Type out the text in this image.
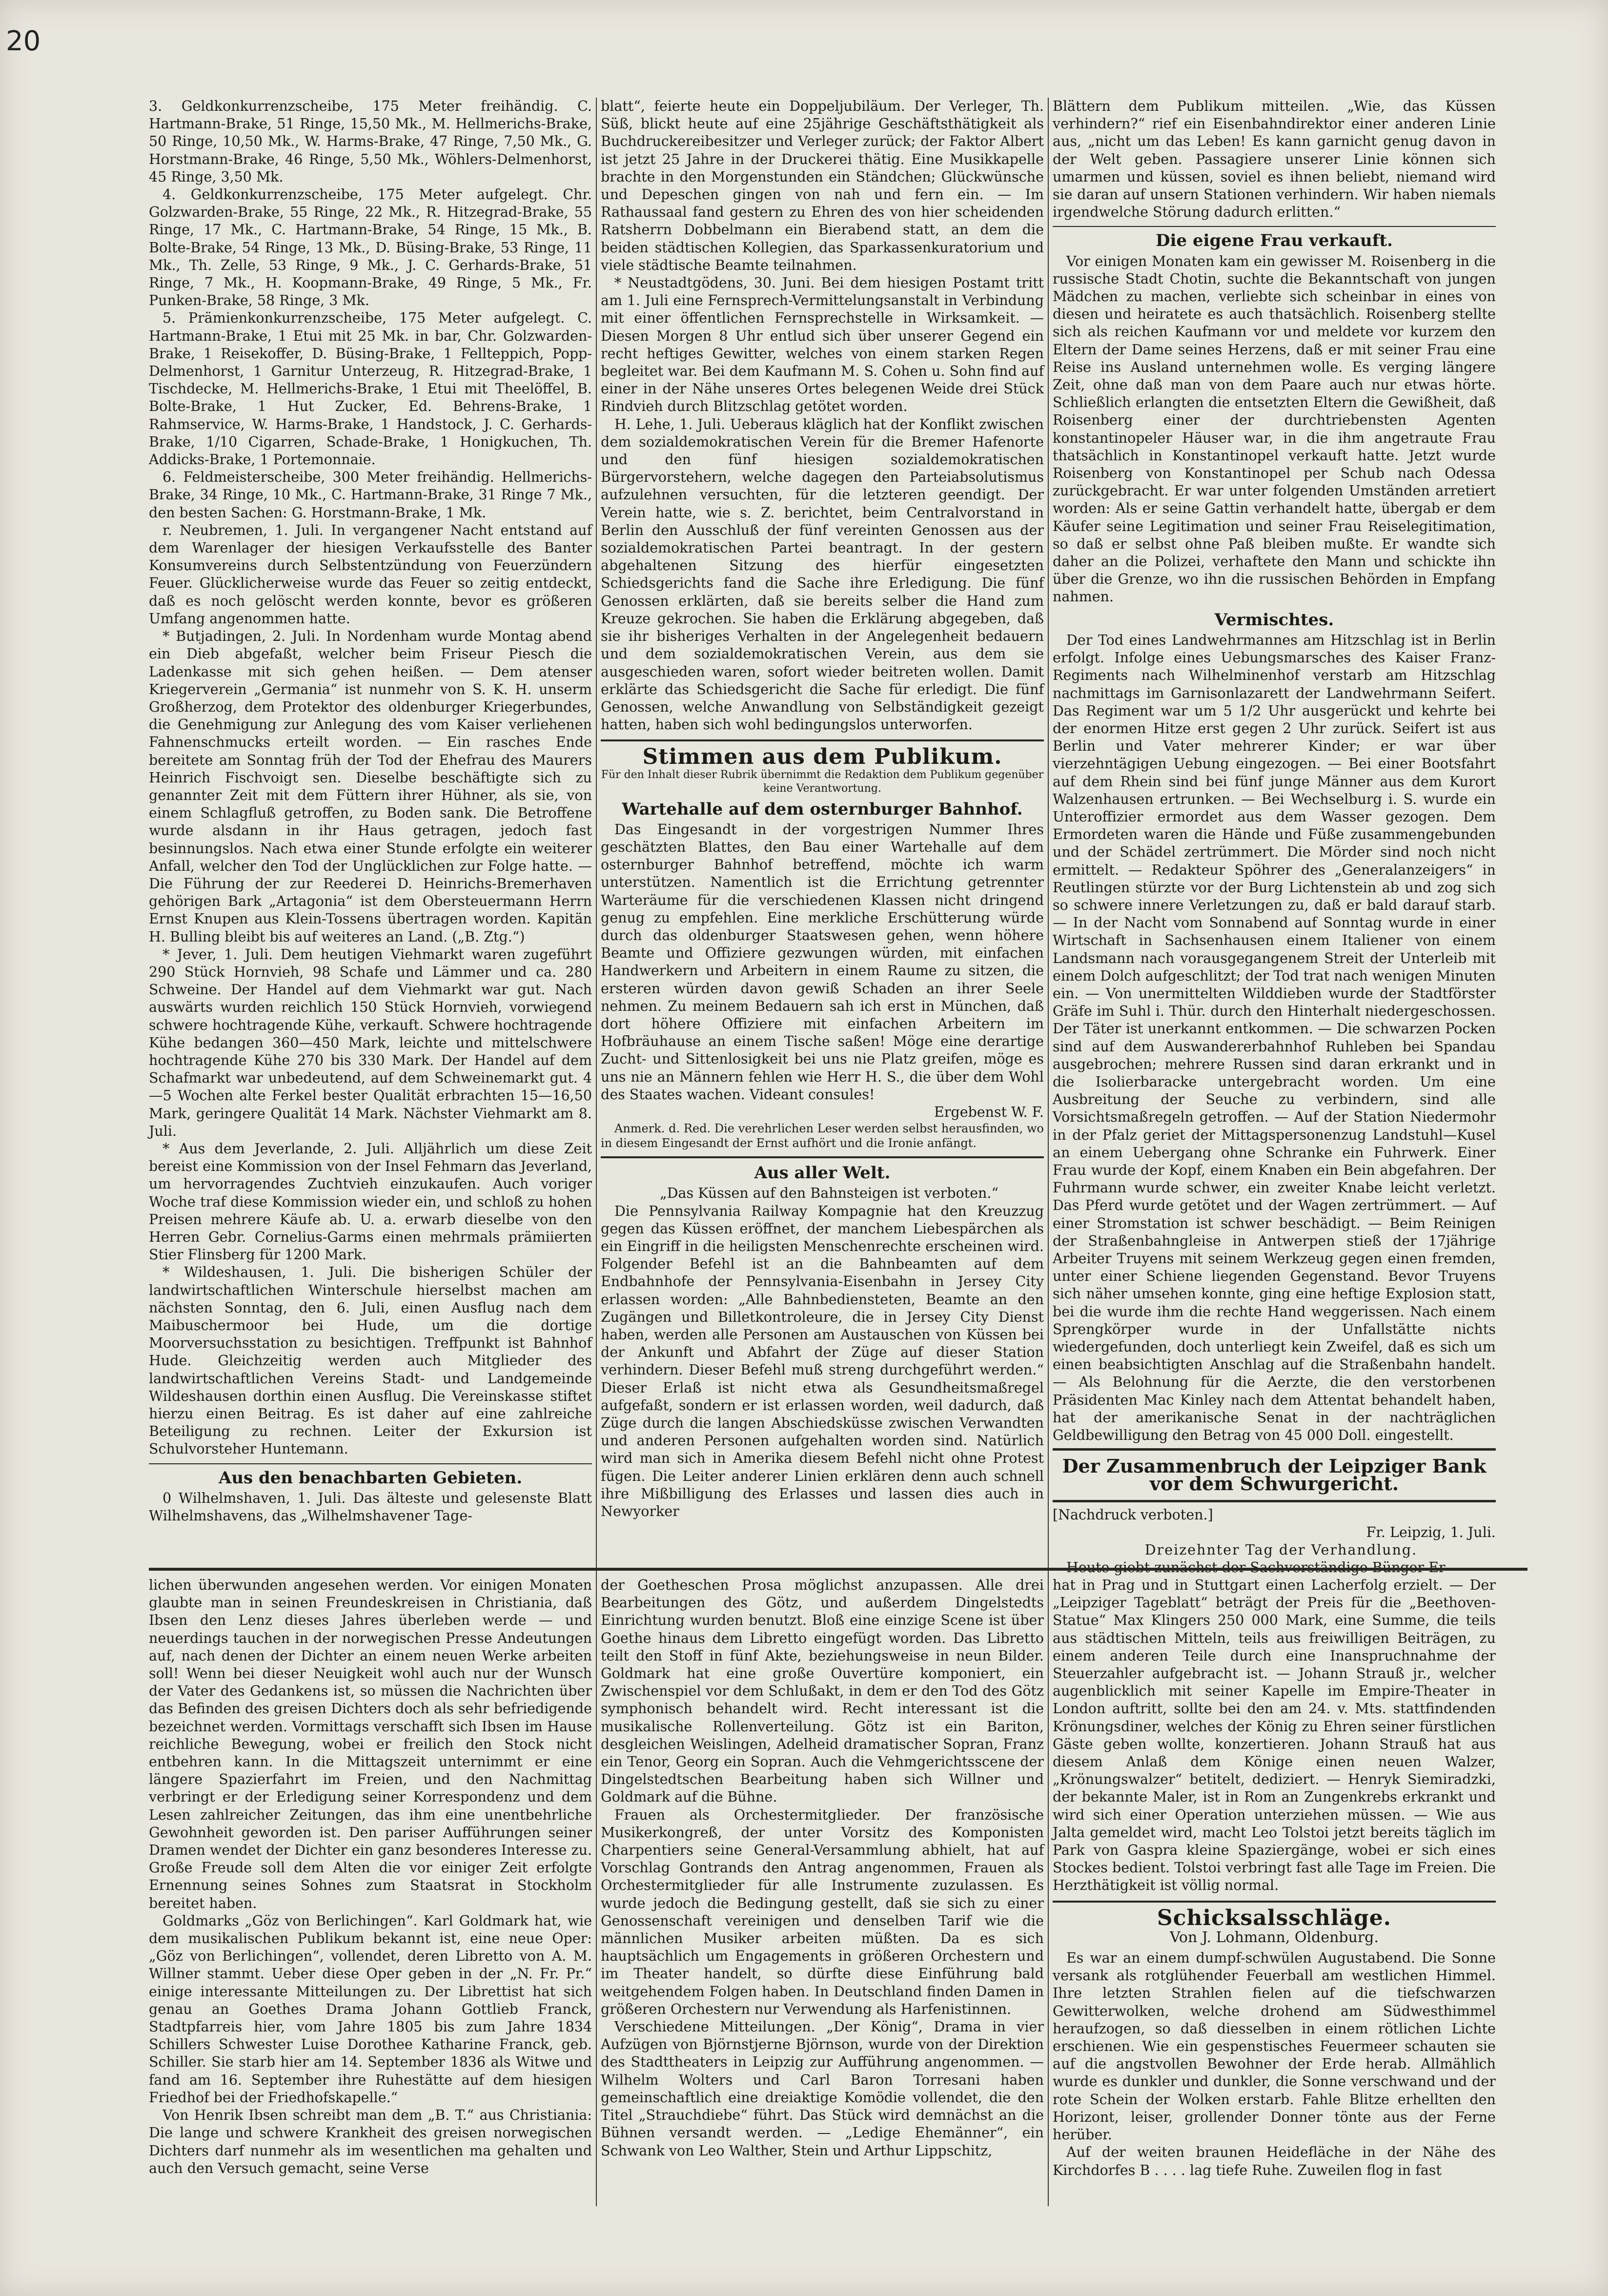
20

3. Geldkonkurrenzscheibe, 175 Meter freihändig. C. Hartmann-Brake, 51 Ringe, 15,50 Mk., M. Hellmerichs-Brake, 50 Ringe, 10,50 Mk., W. Harms-Brake, 47 Ringe, 7,50 Mk., G. Horstmann-Brake, 46 Ringe, 5,50 Mk., Wöhlers-Delmenhorst, 45 Ringe, 3,50 Mk.

4. Geldkonkurrenzscheibe, 175 Meter aufgelegt. Chr. Golzwarden-Brake, 55 Ringe, 22 Mk., R. Hitzegrad-Brake, 55 Ringe, 17 Mk., C. Hartmann-Brake, 54 Ringe, 15 Mk., B. Bolte-Brake, 54 Ringe, 13 Mk., D. Büsing-Brake, 53 Ringe, 11 Mk., Th. Zelle, 53 Ringe, 9 Mk., J. C. Gerhards-Brake, 51 Ringe, 7 Mk., H. Koopmann-Brake, 49 Ringe, 5 Mk., Fr. Punken-Brake, 58 Ringe, 3 Mk.

5. Prämienkonkurrenzscheibe, 175 Meter aufgelegt. C. Hartmann-Brake, 1 Etui mit 25 Mk. in bar, Chr. Golzwarden-Brake, 1 Reisekoffer, D. Büsing-Brake, 1 Fellteppich, Popp-Delmenhorst, 1 Garnitur Unterzeug, R. Hitzegrad-Brake, 1 Tischdecke, M. Hellmerichs-Brake, 1 Etui mit Theelöffel, B. Bolte-Brake, 1 Hut Zucker, Ed. Behrens-Brake, 1 Rahmservice, W. Harms-Brake, 1 Handstock, J. C. Gerhards-Brake, 1/10 Cigarren, Schade-Brake, 1 Honigkuchen, Th. Addicks-Brake, 1 Portemonnaie.

6. Feldmeisterscheibe, 300 Meter freihändig. Hellmerichs-Brake, 34 Ringe, 10 Mk., C. Hartmann-Brake, 31 Ringe 7 Mk., den besten Sachen: G. Horstmann-Brake, 1 Mk.

r. Neubremen, 1. Juli. In vergangener Nacht entstand auf dem Warenlager der hiesigen Verkaufsstelle des Banter Konsumvereins durch Selbstentzündung von Feuerzündern Feuer. Glücklicherweise wurde das Feuer so zeitig entdeckt, daß es noch gelöscht werden konnte, bevor es größeren Umfang angenommen hatte.

* Butjadingen, 2. Juli. In Nordenham wurde Montag abend ein Dieb abgefaßt, welcher beim Friseur Piesch die Ladenkasse mit sich gehen heißen. — Dem atenser Kriegerverein „Germania“ ist nunmehr von S. K. H. unserm Großherzog, dem Protektor des oldenburger Kriegerbundes, die Genehmigung zur Anlegung des vom Kaiser verliehenen Fahnenschmucks erteilt worden. — Ein rasches Ende bereitete am Sonntag früh der Tod der Ehefrau des Maurers Heinrich Fischvoigt sen. Dieselbe beschäftigte sich zu genannter Zeit mit dem Füttern ihrer Hühner, als sie, von einem Schlagfluß getroffen, zu Boden sank. Die Betroffene wurde alsdann in ihr Haus getragen, jedoch fast besinnungslos. Nach etwa einer Stunde erfolgte ein weiterer Anfall, welcher den Tod der Unglücklichen zur Folge hatte. — Die Führung der zur Reederei D. Heinrichs-Bremerhaven gehörigen Bark „Artagonia“ ist dem Obersteuermann Herrn Ernst Knupen aus Klein-Tossens übertragen worden. Kapitän H. Bulling bleibt bis auf weiteres an Land. („B. Ztg.“)

* Jever, 1. Juli. Dem heutigen Viehmarkt waren zugeführt 290 Stück Hornvieh, 98 Schafe und Lämmer und ca. 280 Schweine. Der Handel auf dem Viehmarkt war gut. Nach auswärts wurden reichlich 150 Stück Hornvieh, vorwiegend schwere hochtragende Kühe, verkauft. Schwere hochtragende Kühe bedangen 360—450 Mark, leichte und mittelschwere hochtragende Kühe 270 bis 330 Mark. Der Handel auf dem Schafmarkt war unbedeutend, auf dem Schweinemarkt gut. 4—5 Wochen alte Ferkel bester Qualität erbrachten 15—16,50 Mark, geringere Qualität 14 Mark. Nächster Viehmarkt am 8. Juli.

* Aus dem Jeverlande, 2. Juli. Alljährlich um diese Zeit bereist eine Kommission von der Insel Fehmarn das Jeverland, um hervorragendes Zuchtvieh einzukaufen. Auch voriger Woche traf diese Kommission wieder ein, und schloß zu hohen Preisen mehrere Käufe ab. U. a. erwarb dieselbe von den Herren Gebr. Cornelius-Garms einen mehrmals prämiierten Stier Flinsberg für 1200 Mark.

* Wildeshausen, 1. Juli. Die bisherigen Schüler der landwirtschaftlichen Winterschule hierselbst machen am nächsten Sonntag, den 6. Juli, einen Ausflug nach dem Maibuschermoor bei Hude, um die dortige Moorversuchsstation zu besichtigen. Treffpunkt ist Bahnhof Hude. Gleichzeitig werden auch Mitglieder des landwirtschaftlichen Vereins Stadt- und Landgemeinde Wildeshausen dorthin einen Ausflug. Die Vereinskasse stiftet hierzu einen Beitrag. Es ist daher auf eine zahlreiche Beteiligung zu rechnen. Leiter der Exkursion ist Schulvorsteher Huntemann.

Aus den benachbarten Gebieten.

0 Wilhelmshaven, 1. Juli. Das älteste und gelesenste Blatt Wilhelmshavens, das „Wilhelmshavener Tage-

blatt“, feierte heute ein Doppeljubiläum. Der Verleger, Th. Süß, blickt heute auf eine 25jährige Geschäftsthätigkeit als Buchdruckereibesitzer und Verleger zurück; der Faktor Albert ist jetzt 25 Jahre in der Druckerei thätig. Eine Musikkapelle brachte in den Morgenstunden ein Ständchen; Glückwünsche und Depeschen gingen von nah und fern ein. — Im Rathaussaal fand gestern zu Ehren des von hier scheidenden Ratsherrn Dobbelmann ein Bierabend statt, an dem die beiden städtischen Kollegien, das Sparkassenkuratorium und viele städtische Beamte teilnahmen.

* Neustadtgödens, 30. Juni. Bei dem hiesigen Postamt tritt am 1. Juli eine Fernsprech-Vermittelungsanstalt in Verbindung mit einer öffentlichen Fernsprechstelle in Wirksamkeit. — Diesen Morgen 8 Uhr entlud sich über unserer Gegend ein recht heftiges Gewitter, welches von einem starken Regen begleitet war. Bei dem Kaufmann M. S. Cohen u. Sohn find auf einer in der Nähe unseres Ortes belegenen Weide drei Stück Rindvieh durch Blitzschlag getötet worden.

H. Lehe, 1. Juli. Ueberaus kläglich hat der Konflikt zwischen dem sozialdemokratischen Verein für die Bremer Hafenorte und den fünf hiesigen sozialdemokratischen Bürgervorstehern, welche dagegen den Parteiabsolutismus aufzulehnen versuchten, für die letzteren geendigt. Der Verein hatte, wie s. Z. berichtet, beim Centralvorstand in Berlin den Ausschluß der fünf vereinten Genossen aus der sozialdemokratischen Partei beantragt. In der gestern abgehaltenen Sitzung des hierfür eingesetzten Schiedsgerichts fand die Sache ihre Erledigung. Die fünf Genossen erklärten, daß sie bereits selber die Hand zum Kreuze gekrochen. Sie haben die Erklärung abgegeben, daß sie ihr bisheriges Verhalten in der Angelegenheit bedauern und dem sozialdemokratischen Verein, aus dem sie ausgeschieden waren, sofort wieder beitreten wollen. Damit erklärte das Schiedsgericht die Sache für erledigt. Die fünf Genossen, welche Anwandlung von Selbständigkeit gezeigt hatten, haben sich wohl bedingungslos unterworfen.

Stimmen aus dem Publikum.
Für den Inhalt dieser Rubrik übernimmt die Redaktion dem Publikum gegenüber keine Verantwortung.
Wartehalle auf dem osternburger Bahnhof.

Das Eingesandt in der vorgestrigen Nummer Ihres geschätzten Blattes, den Bau einer Wartehalle auf dem osternburger Bahnhof betreffend, möchte ich warm unterstützen. Namentlich ist die Errichtung getrennter Warteräume für die verschiedenen Klassen nicht dringend genug zu empfehlen. Eine merkliche Erschütterung würde durch das oldenburger Staatswesen gehen, wenn höhere Beamte und Offiziere gezwungen würden, mit einfachen Handwerkern und Arbeitern in einem Raume zu sitzen, die ersteren würden davon gewiß Schaden an ihrer Seele nehmen. Zu meinem Bedauern sah ich erst in München, daß dort höhere Offiziere mit einfachen Arbeitern im Hofbräuhause an einem Tische saßen! Möge eine derartige Zucht- und Sittenlosigkeit bei uns nie Platz greifen, möge es uns nie an Männern fehlen wie Herr H. S., die über dem Wohl des Staates wachen. Videant consules!

Ergebenst W. F.

Anmerk. d. Red. Die verehrlichen Leser werden selbst herausfinden, wo in diesem Eingesandt der Ernst aufhört und die Ironie anfängt.

Aus aller Welt.

„Das Küssen auf den Bahnsteigen ist verboten.“

Die Pennsylvania Railway Kompagnie hat den Kreuzzug gegen das Küssen eröffnet, der manchem Liebespärchen als ein Eingriff in die heiligsten Menschenrechte erscheinen wird. Folgender Befehl ist an die Bahnbeamten auf dem Endbahnhofe der Pennsylvania-Eisenbahn in Jersey City erlassen worden: „Alle Bahnbediensteten, Beamte an den Zugängen und Billetkontroleure, die in Jersey City Dienst haben, werden alle Personen am Austauschen von Küssen bei der Ankunft und Abfahrt der Züge auf dieser Station verhindern. Dieser Befehl muß streng durchgeführt werden.“ Dieser Erlaß ist nicht etwa als Gesundheitsmaßregel aufgefaßt, sondern er ist erlassen worden, weil dadurch, daß Züge durch die langen Abschiedsküsse zwischen Verwandten und anderen Personen aufgehalten worden sind. Natürlich wird man sich in Amerika diesem Befehl nicht ohne Protest fügen. Die Leiter anderer Linien erklären denn auch schnell ihre Mißbilligung des Erlasses und lassen dies auch in Newyorker

Blättern dem Publikum mitteilen. „Wie, das Küssen verhindern?“ rief ein Eisenbahndirektor einer anderen Linie aus, „nicht um das Leben! Es kann garnicht genug davon in der Welt geben. Passagiere unserer Linie können sich umarmen und küssen, soviel es ihnen beliebt, niemand wird sie daran auf unsern Stationen verhindern. Wir haben niemals irgendwelche Störung dadurch erlitten.“

Die eigene Frau verkauft.

Vor einigen Monaten kam ein gewisser M. Roisenberg in die russische Stadt Chotin, suchte die Bekanntschaft von jungen Mädchen zu machen, verliebte sich scheinbar in eines von diesen und heiratete es auch thatsächlich. Roisenberg stellte sich als reichen Kaufmann vor und meldete vor kurzem den Eltern der Dame seines Herzens, daß er mit seiner Frau eine Reise ins Ausland unternehmen wolle. Es verging längere Zeit, ohne daß man von dem Paare auch nur etwas hörte. Schließlich erlangten die entsetzten Eltern die Gewißheit, daß Roisenberg einer der durchtriebensten Agenten konstantinopeler Häuser war, in die ihm angetraute Frau thatsächlich in Konstantinopel verkauft hatte. Jetzt wurde Roisenberg von Konstantinopel per Schub nach Odessa zurückgebracht. Er war unter folgenden Umständen arretiert worden: Als er seine Gattin verhandelt hatte, übergab er dem Käufer seine Legitimation und seiner Frau Reiselegitimation, so daß er selbst ohne Paß bleiben mußte. Er wandte sich daher an die Polizei, verhaftete den Mann und schickte ihn über die Grenze, wo ihn die russischen Behörden in Empfang nahmen.

Vermischtes.

Der Tod eines Landwehrmannes am Hitzschlag ist in Berlin erfolgt. Infolge eines Uebungsmarsches des Kaiser Franz-Regiments nach Wilhelminenhof verstarb am Hitzschlag nachmittags im Garnisonlazarett der Landwehrmann Seifert. Das Regiment war um 5 1/2 Uhr ausgerückt und kehrte bei der enormen Hitze erst gegen 2 Uhr zurück. Seifert ist aus Berlin und Vater mehrerer Kinder; er war über vierzehntägigen Uebung eingezogen. — Bei einer Bootsfahrt auf dem Rhein sind bei fünf junge Männer aus dem Kurort Walzenhausen ertrunken. — Bei Wechselburg i. S. wurde ein Unteroffizier ermordet aus dem Wasser gezogen. Dem Ermordeten waren die Hände und Füße zusammengebunden und der Schädel zertrümmert. Die Mörder sind noch nicht ermittelt. — Redakteur Spöhrer des „Generalanzeigers“ in Reutlingen stürzte vor der Burg Lichtenstein ab und zog sich so schwere innere Verletzungen zu, daß er bald darauf starb. — In der Nacht vom Sonnabend auf Sonntag wurde in einer Wirtschaft in Sachsenhausen einem Italiener von einem Landsmann nach vorausgegangenem Streit der Unterleib mit einem Dolch aufgeschlitzt; der Tod trat nach wenigen Minuten ein. — Von unermittelten Wilddieben wurde der Stadtförster Gräfe im Suhl i. Thür. durch den Hinterhalt niedergeschossen. Der Täter ist unerkannt entkommen. — Die schwarzen Pocken sind auf dem Auswandererbahnhof Ruhleben bei Spandau ausgebrochen; mehrere Russen sind daran erkrankt und in die Isolierbaracke untergebracht worden. Um eine Ausbreitung der Seuche zu verbindern, sind alle Vorsichtsmaßregeln getroffen. — Auf der Station Niedermohr in der Pfalz geriet der Mittagspersonenzug Landstuhl—Kusel an einem Uebergang ohne Schranke ein Fuhrwerk. Einer Frau wurde der Kopf, einem Knaben ein Bein abgefahren. Der Fuhrmann wurde schwer, ein zweiter Knabe leicht verletzt. Das Pferd wurde getötet und der Wagen zertrümmert. — Auf einer Stromstation ist schwer beschädigt. — Beim Reinigen der Straßenbahngleise in Antwerpen stieß der 17jährige Arbeiter Truyens mit seinem Werkzeug gegen einen fremden, unter einer Schiene liegenden Gegenstand. Bevor Truyens sich näher umsehen konnte, ging eine heftige Explosion statt, bei die wurde ihm die rechte Hand weggerissen. Nach einem Sprengkörper wurde in der Unfallstätte nichts wiedergefunden, doch unterliegt kein Zweifel, daß es sich um einen beabsichtigten Anschlag auf die Straßenbahn handelt. — Als Belohnung für die Aerzte, die den verstorbenen Präsidenten Mac Kinley nach dem Attentat behandelt haben, hat der amerikanische Senat in der nachträglichen Geldbewilligung den Betrag von 45 000 Doll. eingestellt.

Der Zusammenbruch der Leipziger Bank vor dem Schwurgericht.

[Nachdruck verboten.]

Fr. Leipzig, 1. Juli.

Dreizehnter Tag der Verhandlung.

lichen überwunden angesehen werden. Vor einigen Monaten glaubte man in seinen Freundeskreisen in Christiania, daß Ibsen den Lenz dieses Jahres überleben werde — und neuerdings tauchen in der norwegischen Presse Andeutungen auf, nach denen der Dichter an einem neuen Werke arbeiten soll! Wenn bei dieser Neuigkeit wohl auch nur der Wunsch der Vater des Gedankens ist, so müssen die Nachrichten über das Befinden des greisen Dichters doch als sehr befriedigende bezeichnet werden. Vormittags verschafft sich Ibsen im Hause reichliche Bewegung, wobei er freilich den Stock nicht entbehren kann. In die Mittagszeit unternimmt er eine längere Spazierfahrt im Freien, und den Nachmittag verbringt er der Erledigung seiner Korrespondenz und dem Lesen zahlreicher Zeitungen, das ihm eine unentbehrliche Gewohnheit geworden ist. Den pariser Aufführungen seiner Dramen wendet der Dichter ein ganz besonderes Interesse zu. Große Freude soll dem Alten die vor einiger Zeit erfolgte Ernennung seines Sohnes zum Staatsrat in Stockholm bereitet haben.

Goldmarks „Göz von Berlichingen“. Karl Goldmark hat, wie dem musikalischen Publikum bekannt ist, eine neue Oper: „Göz von Berlichingen“, vollendet, deren Libretto von A. M. Willner stammt. Ueber diese Oper geben in der „N. Fr. Pr.“ einige interessante Mitteilungen zu. Der Librettist hat sich genau an Goethes Drama Johann Gottlieb Franck, Stadtpfarreis hier, vom Jahre 1805 bis zum Jahre 1834 Schillers Schwester Luise Dorothee Katharine Franck, geb. Schiller. Sie starb hier am 14. September 1836 als Witwe und fand am 16. September ihre Ruhestätte auf dem hiesigen Friedhof bei der Friedhofskapelle.“

Von Henrik Ibsen schreibt man dem „B. T.“ aus Christiania: Die lange und schwere Krankheit des greisen norwegischen Dichters darf nunmehr als im wesentlichen ma gehalten und auch den Versuch gemacht, seine Verse

der Goetheschen Prosa möglichst anzupassen. Alle drei Bearbeitungen des Götz, und außerdem Dingelstedts Einrichtung wurden benutzt. Bloß eine einzige Scene ist über Goethe hinaus dem Libretto eingefügt worden. Das Libretto teilt den Stoff in fünf Akte, beziehungsweise in neun Bilder. Goldmark hat eine große Ouvertüre komponiert, ein Zwischenspiel vor dem Schlußakt, in dem er den Tod des Götz symphonisch behandelt wird. Recht interessant ist die musikalische Rollenverteilung. Götz ist ein Bariton, desgleichen Weislingen, Adelheid dramatischer Sopran, Franz ein Tenor, Georg ein Sopran. Auch die Vehmgerichtsscene der Dingelstedtschen Bearbeitung haben sich Willner und Goldmark auf die Bühne.

Frauen als Orchestermitglieder. Der französische Musikerkongreß, der unter Vorsitz des Komponisten Charpentiers seine General-Versammlung abhielt, hat auf Vorschlag Gontrands den Antrag angenommen, Frauen als Orchestermitglieder für alle Instrumente zuzulassen. Es wurde jedoch die Bedingung gestellt, daß sie sich zu einer Genossenschaft vereinigen und denselben Tarif wie die männlichen Musiker arbeiten müßten. Da es sich hauptsächlich um Engagements in größeren Orchestern und im Theater handelt, so dürfte diese Einführung bald weitgehendem Folgen haben. In Deutschland finden Damen in größeren Orchestern nur Verwendung als Harfenistinnen.

Verschiedene Mitteilungen. „Der König“, Drama in vier Aufzügen von Björnstjerne Björnson, wurde von der Direktion des Stadttheaters in Leipzig zur Aufführung angenommen. — Wilhelm Wolters und Carl Baron Torresani haben gemeinschaftlich eine dreiaktige Komödie vollendet, die den Titel „Strauchdiebe“ führt. Das Stück wird demnächst an die Bühnen versandt werden. — „Ledige Ehemänner“, ein Schwank von Leo Walther, Stein und Arthur Lippschitz,

hat in Prag und in Stuttgart einen Lacherfolg erzielt. — Der „Leipziger Tageblatt“ beträgt der Preis für die „Beethoven-Statue“ Max Klingers 250 000 Mark, eine Summe, die teils aus städtischen Mitteln, teils aus freiwilligen Beiträgen, zu einem anderen Teile durch eine Inanspruchnahme der Steuerzahler aufgebracht ist. — Johann Strauß jr., welcher augenblicklich mit seiner Kapelle im Empire-Theater in London auftritt, sollte bei den am 24. v. Mts. stattfindenden Krönungsdiner, welches der König zu Ehren seiner fürstlichen Gäste geben wollte, konzertieren. Johann Strauß hat aus diesem Anlaß dem Könige einen neuen Walzer, „Krönungswalzer“ betitelt, dediziert. — Henryk Siemiradzki, der bekannte Maler, ist in Rom an Zungenkrebs erkrankt und wird sich einer Operation unterziehen müssen. — Wie aus Jalta gemeldet wird, macht Leo Tolstoi jetzt bereits täglich im Park von Gaspra kleine Spaziergänge, wobei er sich eines Stockes bedient. Tolstoi verbringt fast alle Tage im Freien. Die Herzthätigkeit ist völlig normal.

Schicksalsschläge.
Von J. Lohmann, Oldenburg.

Es war an einem dumpf-schwülen Augustabend. Die Sonne versank als rotglühender Feuerball am westlichen Himmel. Ihre letzten Strahlen fielen auf die tiefschwarzen Gewitterwolken, welche drohend am Südwesthimmel heraufzogen, so daß diesselben in einem rötlichen Lichte erschienen. Wie ein gespenstisches Feuermeer schauten sie auf die angstvollen Bewohner der Erde herab. Allmählich wurde es dunkler und dunkler, die Sonne verschwand und der rote Schein der Wolken erstarb. Fahle Blitze erhellten den Horizont, leiser, grollender Donner tönte aus der Ferne herüber.

Auf der weiten braunen Heidefläche in der Nähe des Kirchdorfes B . . . . lag tiefe Ruhe. Zuweilen flog in fast
